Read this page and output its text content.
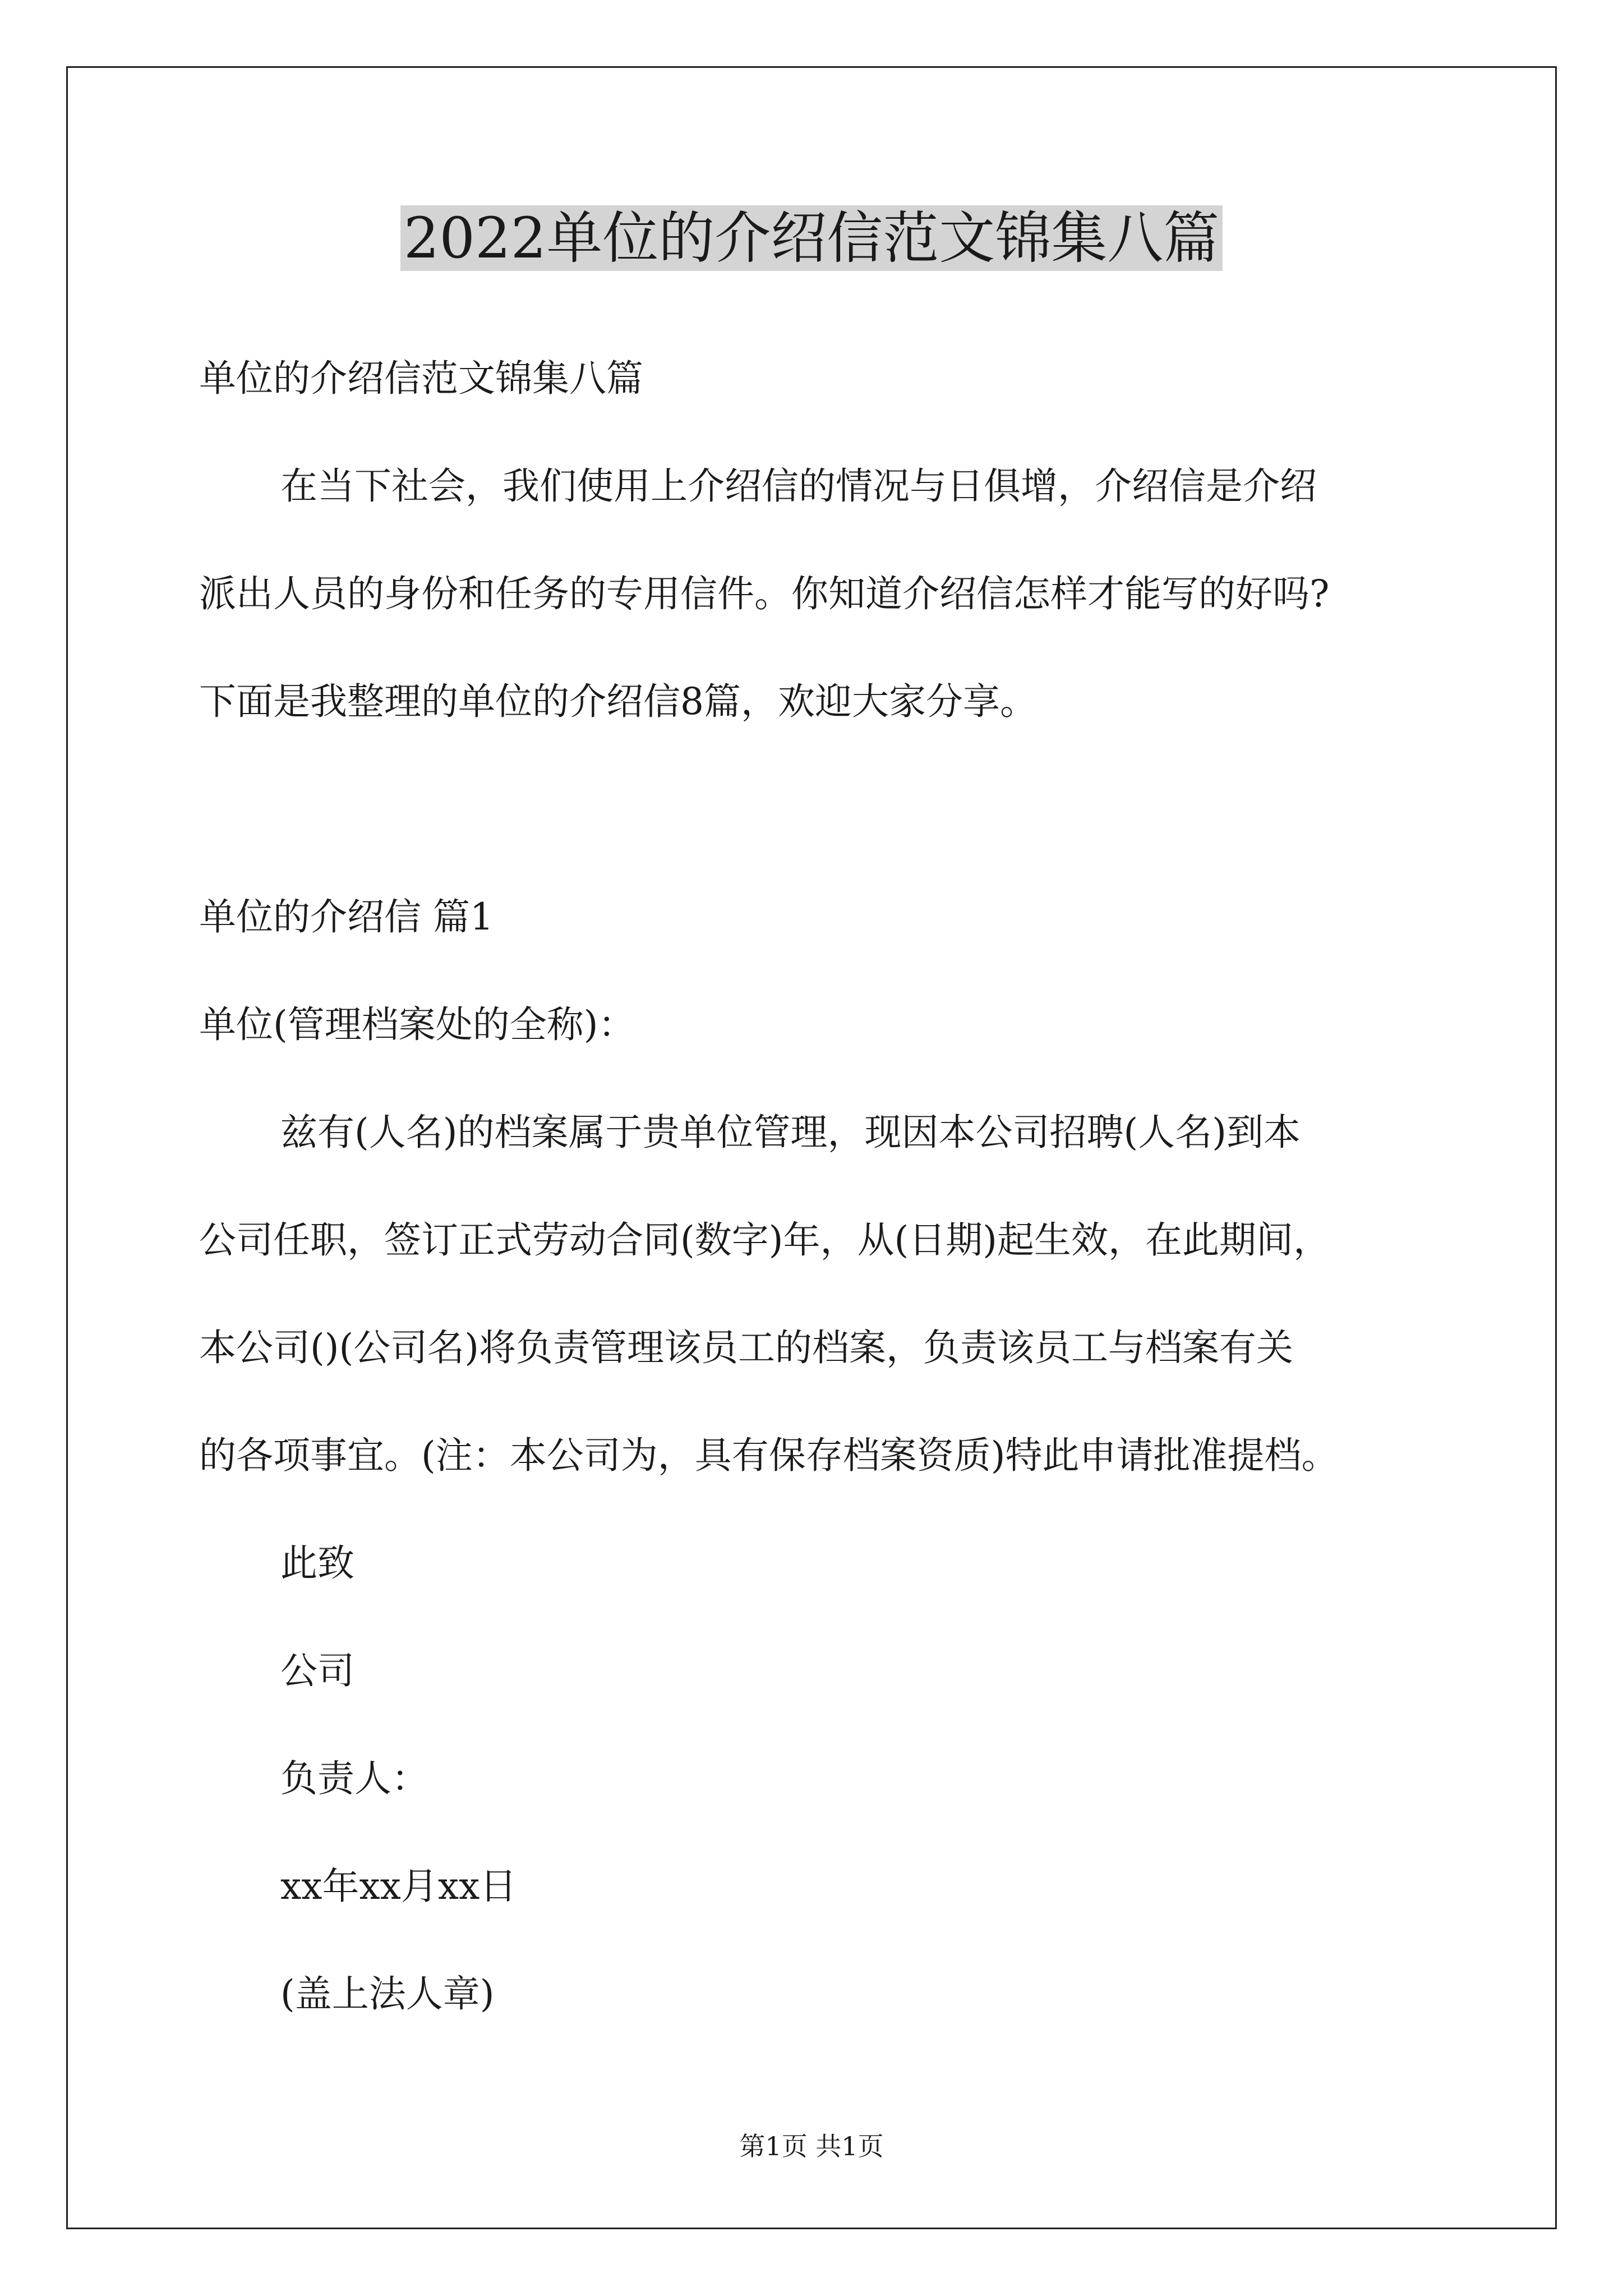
2022单位的介绍信范文锦集八篇
单位的介绍信范文锦集八篇
在当下社会，我们使用上介绍信的情况与日俱增，介绍信是介绍
派出人员的身份和任务的专用信件。你知道介绍信怎样才能写的好吗?
下面是我整理的单位的介绍信8篇，欢迎大家分享。
单位的介绍信 篇1
单位(管理档案处的全称)：
兹有(人名)的档案属于贵单位管理，现因本公司招聘(人名)到本
公司任职，签订正式劳动合同(数字)年，从(日期)起生效，在此期间，
本公司()(公司名)将负责管理该员工的档案，负责该员工与档案有关
的各项事宜。(注：本公司为，具有保存档案资质)特此申请批准提档。
此致
公司
负责人：
xx年xx月xx日
(盖上法人章)
第1页 共1页
